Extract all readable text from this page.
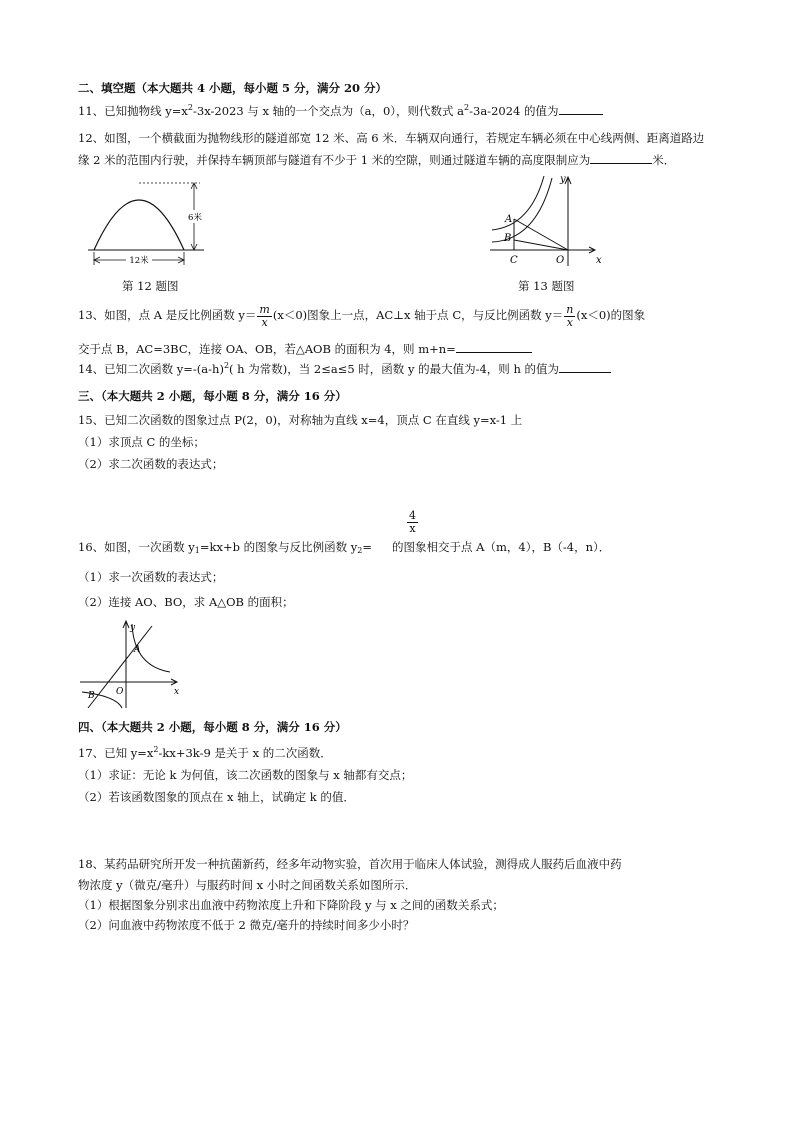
二、填空题（本大题共 4 小题，每小题 5 分，满分 20 分）
11、已知抛物线 $y=x^2-3x-2023$ 与 x 轴的一个交点为（a，0），则代数式 $a^2-3a-2024$ 的值为
12、如图，一个横截面为抛物线形的隧道部宽 12 米、高 6 米．车辆双向通行，若规定车辆必须在中心线两侧、距离道路边
缘 2 米的范围内行驶，并保持车辆顶部与隧道有不少于 1 米的空隙，则通过隧道车辆的高度限制应为	米．
6米
12米
第 12 题图
A
B
C	O	x
y
第 13 题图
13、如图，点 A 是反比例函数 $y= \frac{m}{x} (x<0)$图象上一点，AC⊥x 轴于点 C，与反比例函数 $y= \frac{n}{x} (x<0)$的图象
交于点 B，AC=3BC，连接 OA、OB，若△AOB 的面积为 4，则 m+n=
14、已知二次函数 $y=-(a-h)^2$( h 为常数)，当 2≤a≤5 时，函数 y 的最大值为-4，则 h 的值为
三、（本大题共 2 小题，每小题 8 分，满分 16 分）
15、已知二次函数的图象过点 P(2，0)，对称轴为直线 x=4，顶点 C 在直线 y=x-1 上
（1）求顶点 C 的坐标；
（2）求二次函数的表达式；
$\frac{4}{x}$
16、如图，一次函数 $y_1=kx+b$ 的图象与反比例函数 $y_2=$ 的图象相交于点 A（m，4），B（-4，n）．
（1）求一次函数的表达式；
（2）连接 AO、BO，求 A△OB 的面积；
y
A
B O	x
四、（本大题共 2 小题，每小题 8 分，满分 16 分）
17、已知 $y=x^2-kx+3k-9$ 是关于 x 的二次函数．
（1）求证：无论 k 为何值，该二次函数的图象与 x 轴都有交点；
（2）若该函数图象的顶点在 x 轴上，试确定 k 的值．
18、某药品研究所开发一种抗菌新药，经多年动物实验，首次用于临床人体试验，测得成人服药后血液中药
物浓度 y（微克/毫升）与服药时间 x 小时之间函数关系如图所示．
（1）根据图象分别求出血液中药物浓度上升和下降阶段 y 与 x 之间的函数关系式；
（2）问血液中药物浓度不低于 2 微克/毫升的持续时间多少小时？
